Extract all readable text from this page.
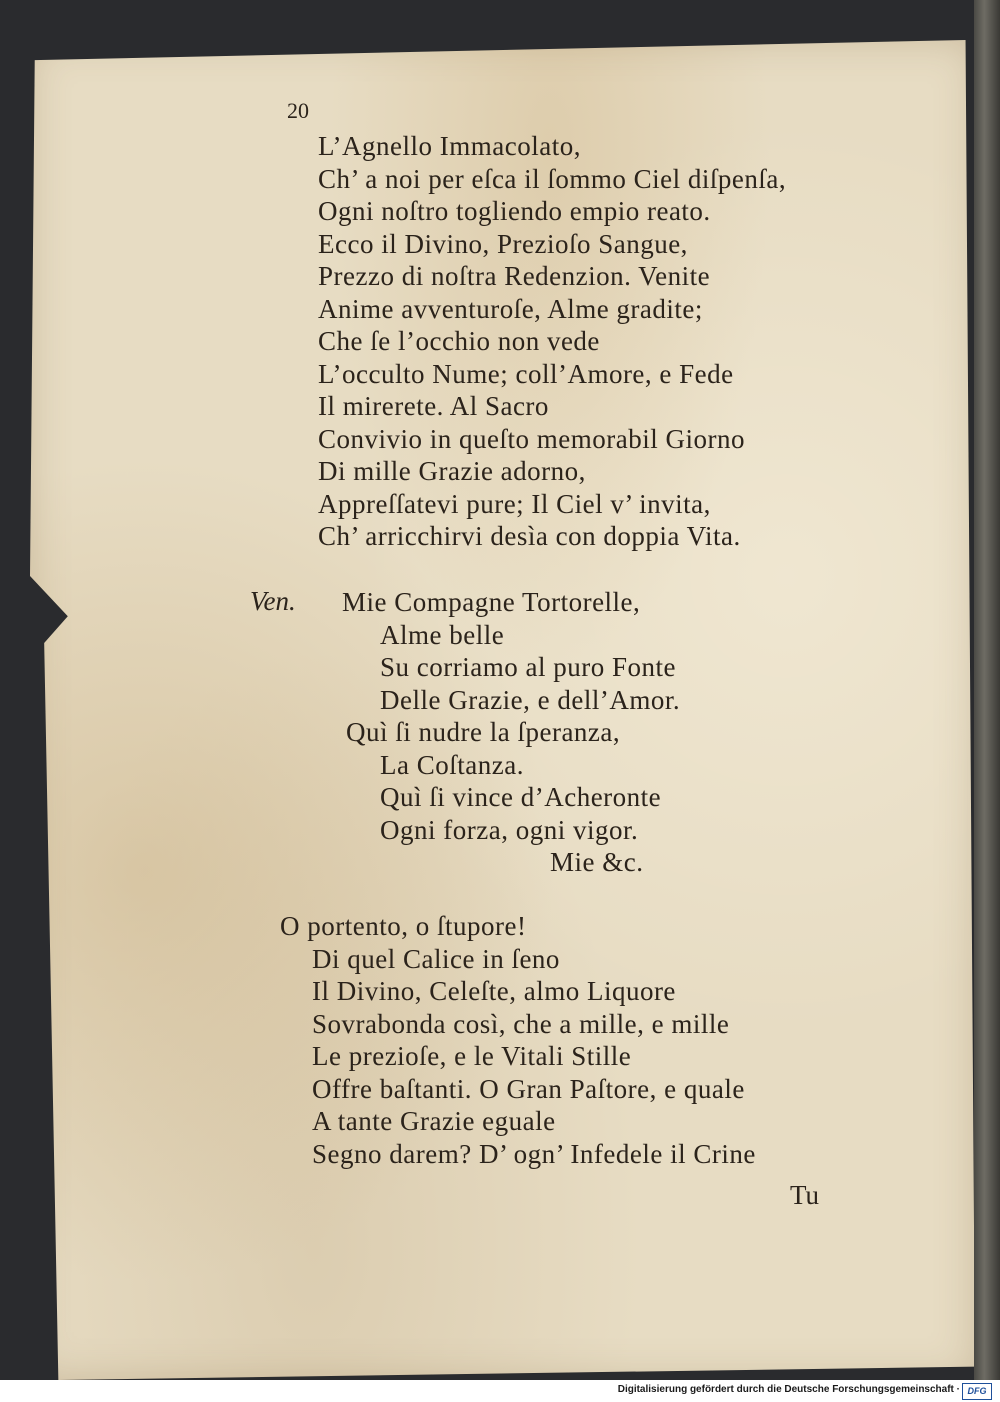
20
L’Agnello Immacolato,
Ch’ a noi per eſca il ſommo Ciel diſpenſa,
Ogni noſtro togliendo empio reato.
Ecco il Divino, Prezioſo Sangue,
Prezzo di noſtra Redenzion. Venite
Anime avventuroſe, Alme gradite;
Che ſe l’occhio non vede
L’occulto Nume; coll’Amore, e Fede
Il mirerete. Al Sacro
Convivio in queſto memorabil Giorno
Di mille Grazie adorno,
Appreſſatevi pure; Il Ciel v’ invita,
Ch’ arricchirvi desìa con doppia Vita.
Ven. Mie Compagne Tortorelle,
Alme belle
Su corriamo al puro Fonte
Delle Grazie, e dell’Amor.
Quì ſi nudre la ſperanza,
La Coſtanza.
Quì ſi vince d’Acheronte
Ogni forza, ogni vigor.
Mie &c.
O portento, o ſtupore!
Di quel Calice in ſeno
Il Divino, Celeſte, almo Liquore
Sovrabonda così, che a mille, e mille
Le prezioſe, e le Vitali Stille
Offre baſtanti. O Gran Paſtore, e quale
A tante Grazie eguale
Segno darem? D’ ogn’ Infedele il Crine
Tu
Digitalisierung gefördert durch die Deutsche Forschungsgemeinschaft · DFG
